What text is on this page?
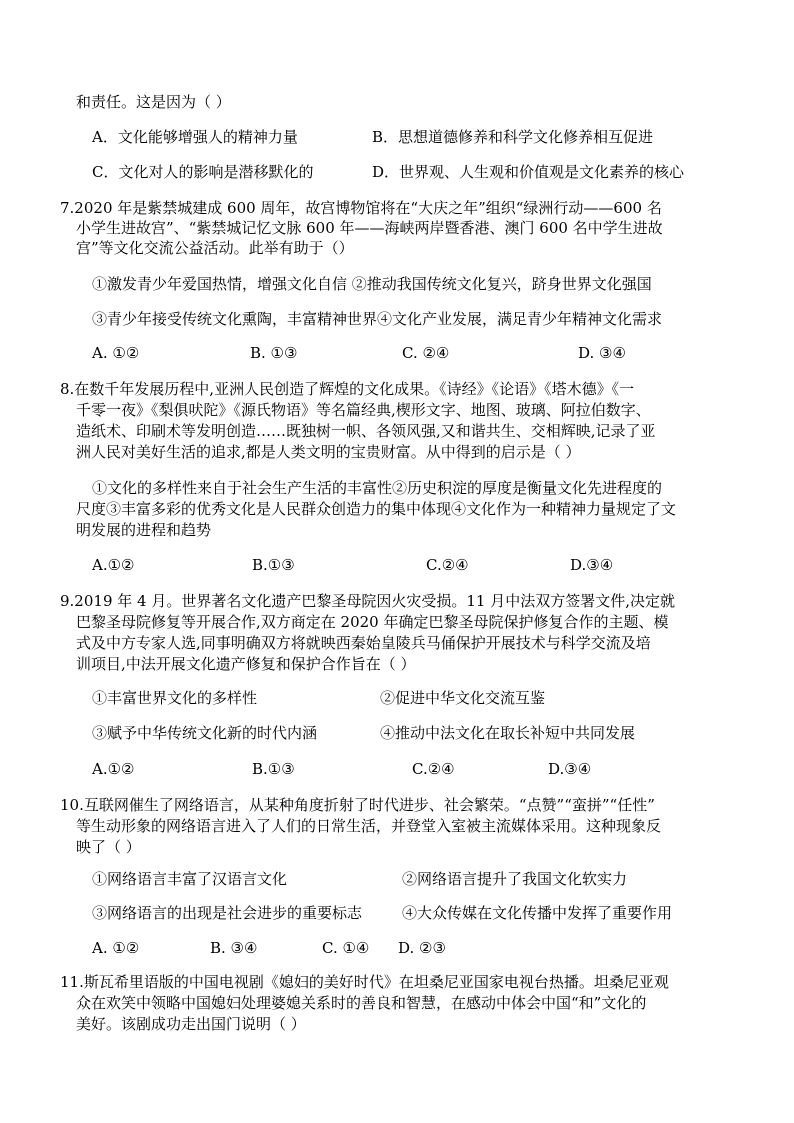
和责任。这是因为（ ）
A．文化能够增强人的精神力量	B．思想道德修养和科学文化修养相互促进
C．文化对人的影响是潜移默化的	D．世界观、人生观和价值观是文化素养的核心
7.2020 年是紫禁城建成 600 周年，故宫博物馆将在“大庆之年”组织“绿洲行动——600 名
小学生进故宫”、“紫禁城记忆文脉 600 年——海峡两岸暨香港、澳门 600 名中学生进故
宫”等文化交流公益活动。此举有助于（）
①激发青少年爱国热情，增强文化自信 ②推动我国传统文化复兴，跻身世界文化强国
③青少年接受传统文化熏陶，丰富精神世界④文化产业发展，满足青少年精神文化需求
A. ①②	B. ①③	C. ②④	D. ③④
8.在数千年发展历程中,亚洲人民创造了辉煌的文化成果。《诗经》《论语》《塔木德》《一
千零一夜》《梨俱吠陀》《源氏物语》等名篇经典,楔形文字、地图、玻璃、阿拉伯数字、
造纸术、印刷术等发明创造……既独树一帜、各领风强,又和谐共生、交相辉映,记录了亚
洲人民对美好生活的追求,都是人类文明的宝贵财富。从中得到的启示是（ ）
①文化的多样性来自于社会生产生活的丰富性②历史积淀的厚度是衡量文化先进程度的
尺度③丰富多彩的优秀文化是人民群众创造力的集中体现④文化作为一种精神力量规定了文
明发展的进程和趋势
A.①②	B.①③	C.②④	D.③④
9.2019 年 4 月。世界著名文化遗产巴黎圣母院因火灾受损。11 月中法双方签署文件,决定就
巴黎圣母院修复等开展合作,双方商定在 2020 年确定巴黎圣母院保护修复合作的主题、模
式及中方专家人选,同事明确双方将就映西秦始皇陵兵马俑保护开展技术与科学交流及培
训项目,中法开展文化遗产修复和保护合作旨在（ ）
①丰富世界文化的多样性	②促进中华文化交流互鉴
③赋予中华传统文化新的时代内涵	④推动中法文化在取长补短中共同发展
A.①②	B.①③	C.②④	D.③④
10.互联网催生了网络语言，从某种角度折射了时代进步、社会繁荣。“点赞”“蛮拼”“任性”
等生动形象的网络语言进入了人们的日常生活，并登堂入室被主流媒体采用。这种现象反
映了（ ）
①网络语言丰富了汉语言文化	②网络语言提升了我国文化软实力
③网络语言的出现是社会进步的重要标志	④大众传媒在文化传播中发挥了重要作用
A. ①②	B. ③④	C. ①④ D. ②③
11.斯瓦希里语版的中国电视剧《媳妇的美好时代》在坦桑尼亚国家电视台热播。坦桑尼亚观
众在欢笑中领略中国媳妇处理婆媳关系时的善良和智慧，在感动中体会中国“和”文化的
美好。该剧成功走出国门说明（ ）
